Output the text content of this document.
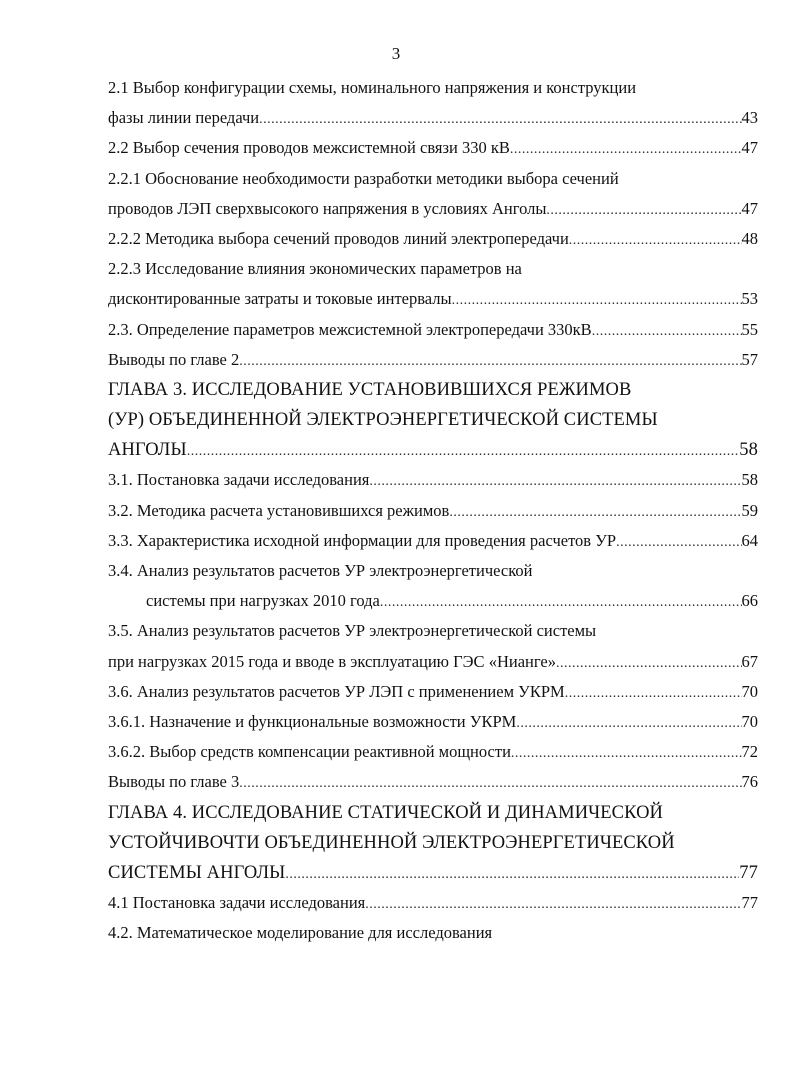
3
2.1 Выбор конфигурации схемы, номинального напряжения и конструкции
фазы линии передачи .....	43
2.2 Выбор сечения проводов межсистемной связи 330 кВ .....	47
2.2.1 Обоснование необходимости разработки методики выбора сечений
проводов ЛЭП сверхвысокого напряжения в условиях Анголы .....	47
2.2.2 Методика выбора сечений проводов линий электропередачи .....	48
2.2.3 Исследование влияния экономических параметров на
дисконтированные затраты и токовые интервалы .....	53
2.3. Определение параметров межсистемной электропередачи 330кВ .....	55
Выводы по главе 2 .....	57
ГЛАВА 3. ИССЛЕДОВАНИЕ УСТАНОВИВШИХСЯ РЕЖИМОВ
(УР) ОБЪЕДИНЕННОЙ ЭЛЕКТРОЭНЕРГЕТИЧЕСКОЙ СИСТЕМЫ
АНГОЛЫ .....	58
3.1. Постановка задачи исследования .....	58
3.2. Методика расчета установившихся режимов .....	59
3.3. Характеристика исходной информации для проведения расчетов УР .....	64
3.4. Анализ результатов расчетов УР электроэнергетической
системы при нагрузках 2010 года .....	66
3.5. Анализ результатов расчетов УР электроэнергетической системы
при нагрузках 2015 года и вводе в эксплуатацию ГЭС «Нианге» .....	67
3.6. Анализ результатов расчетов УР ЛЭП с применением УКРМ .....	70
3.6.1. Назначение и функциональные возможности УКРМ .....	70
3.6.2. Выбор средств компенсации реактивной мощности .....	72
Выводы по главе 3 .....	76
ГЛАВА 4. ИССЛЕДОВАНИЕ СТАТИЧЕСКОЙ И ДИНАМИЧЕСКОЙ
УСТОЙЧИВОЧТИ ОБЪЕДИНЕННОЙ ЭЛЕКТРОЭНЕРГЕТИЧЕСКОЙ
СИСТЕМЫ АНГОЛЫ .....	77
4.1 Постановка задачи исследования .....	77
4.2. Математическое моделирование для исследования
